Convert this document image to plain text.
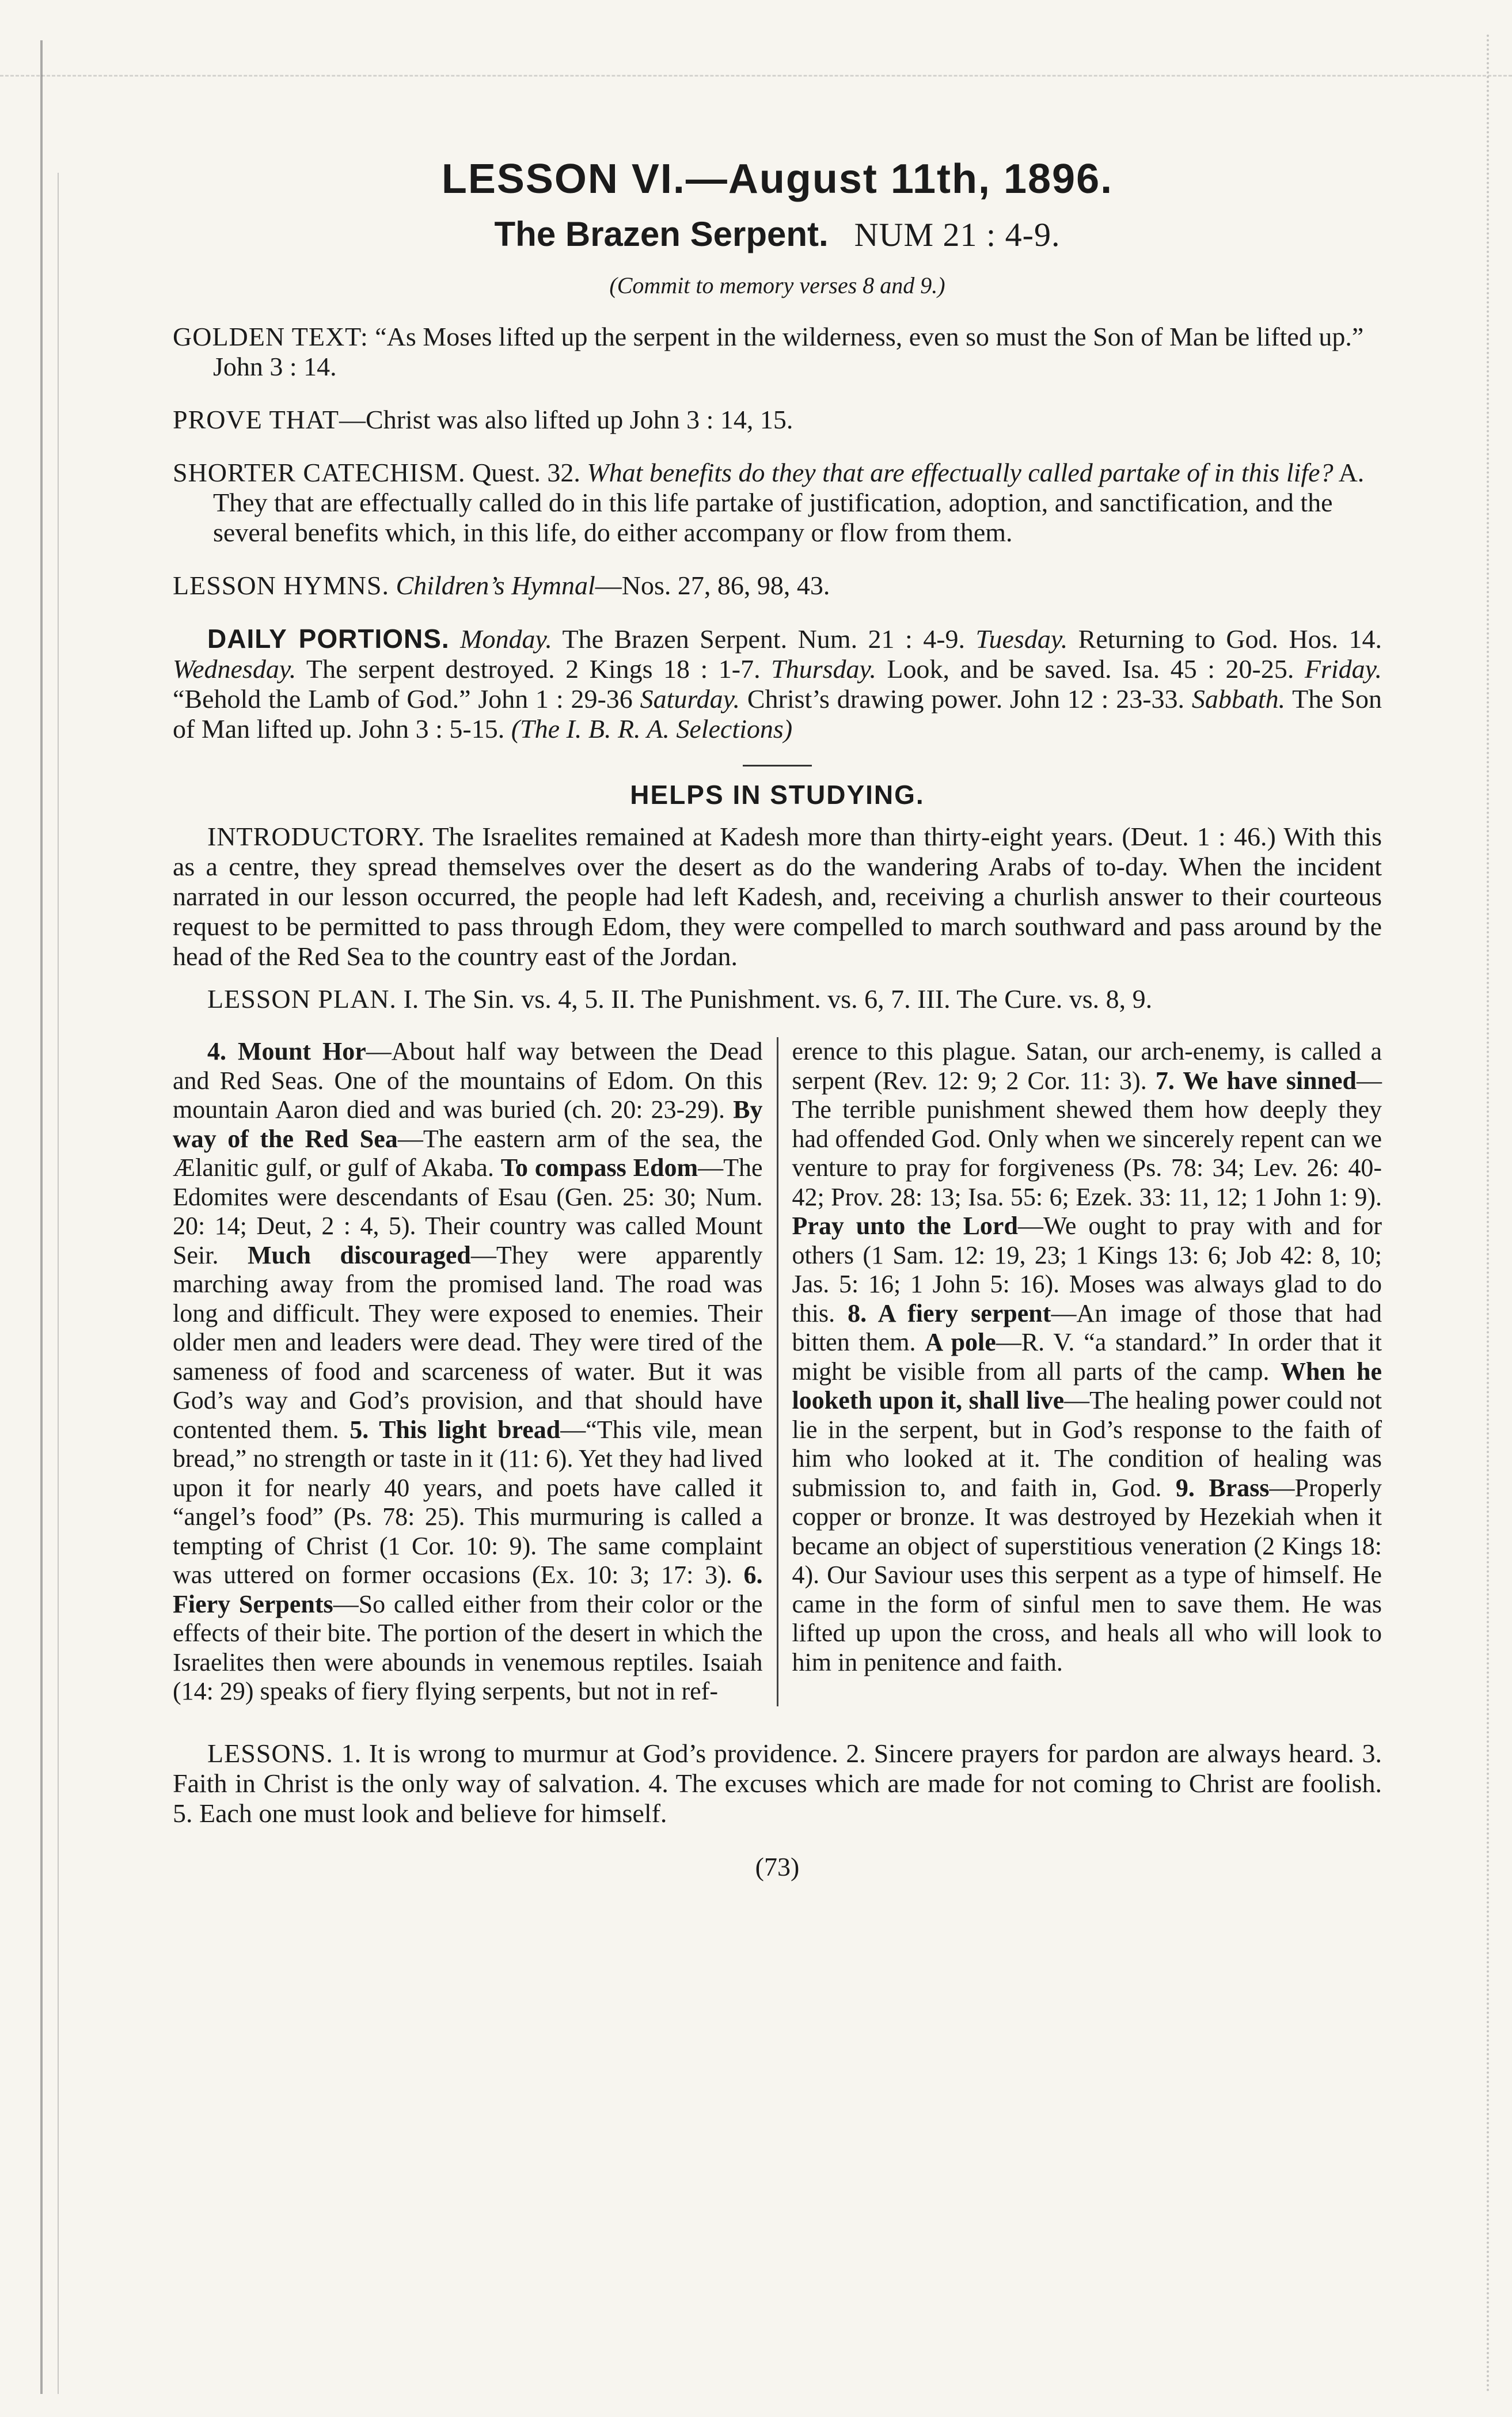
LESSON VI.—August 11th, 1896.
The Brazen Serpent. NUM 21 : 4-9.
(Commit to memory verses 8 and 9.)

GOLDEN TEXT: “As Moses lifted up the serpent in the wilderness, even so must the Son of Man be lifted up.” John 3 : 14.

PROVE THAT—Christ was also lifted up John 3 : 14, 15.

SHORTER CATECHISM. Quest. 32. What benefits do they that are effectually called partake of in this life? A. They that are effectually called do in this life partake of justification, adoption, and sanctification, and the several benefits which, in this life, do either accompany or flow from them.

LESSON HYMNS. Children’s Hymnal—Nos. 27, 86, 98, 43.

DAILY PORTIONS. Monday. The Brazen Serpent. Num. 21 : 4-9. Tuesday. Returning to God. Hos. 14. Wednesday. The serpent destroyed. 2 Kings 18 : 1-7. Thursday. Look, and be saved. Isa. 45 : 20-25. Friday. “Behold the Lamb of God.” John 1 : 29-36 Saturday. Christ’s drawing power. John 12 : 23-33. Sabbath. The Son of Man lifted up. John 3 : 5-15. (The I. B. R. A. Selections)

HELPS IN STUDYING.

INTRODUCTORY. The Israelites remained at Kadesh more than thirty-eight years. (Deut. 1 : 46.) With this as a centre, they spread themselves over the desert as do the wandering Arabs of to-day. When the incident narrated in our lesson occurred, the people had left Kadesh, and, receiving a churlish answer to their courteous request to be permitted to pass through Edom, they were compelled to march southward and pass around by the head of the Red Sea to the country east of the Jordan.

LESSON PLAN. I. The Sin. vs. 4, 5. II. The Punishment. vs. 6, 7. III. The Cure. vs. 8, 9.

4. Mount Hor—About half way between the Dead and Red Seas. One of the mountains of Edom. On this mountain Aaron died and was buried (ch. 20: 23-29). By way of the Red Sea—The eastern arm of the sea, the Ælanitic gulf, or gulf of Akaba. To compass Edom—The Edomites were descendants of Esau (Gen. 25: 30; Num. 20: 14; Deut, 2 : 4, 5). Their country was called Mount Seir. Much discouraged—They were apparently marching away from the promised land. The road was long and difficult. They were exposed to enemies. Their older men and leaders were dead. They were tired of the sameness of food and scarceness of water. But it was God’s way and God’s provision, and that should have contented them. 5. This light bread—“This vile, mean bread,” no strength or taste in it (11: 6). Yet they had lived upon it for nearly 40 years, and poets have called it “angel’s food” (Ps. 78: 25). This murmuring is called a tempting of Christ (1 Cor. 10: 9). The same complaint was uttered on former occasions (Ex. 10: 3; 17: 3). 6. Fiery Serpents—So called either from their color or the effects of their bite. The portion of the desert in which the Israelites then were abounds in venemous reptiles. Isaiah (14: 29) speaks of fiery flying serpents, but not in ref-
erence to this plague. Satan, our arch-enemy, is called a serpent (Rev. 12: 9; 2 Cor. 11: 3). 7. We have sinned—The terrible punishment shewed them how deeply they had offended God. Only when we sincerely repent can we venture to pray for forgiveness (Ps. 78: 34; Lev. 26: 40-42; Prov. 28: 13; Isa. 55: 6; Ezek. 33: 11, 12; 1 John 1: 9). Pray unto the Lord—We ought to pray with and for others (1 Sam. 12: 19, 23; 1 Kings 13: 6; Job 42: 8, 10; Jas. 5: 16; 1 John 5: 16). Moses was always glad to do this. 8. A fiery serpent—An image of those that had bitten them. A pole—R. V. “a standard.” In order that it might be visible from all parts of the camp. When he looketh upon it, shall live—The healing power could not lie in the serpent, but in God’s response to the faith of him who looked at it. The condition of healing was submission to, and faith in, God. 9. Brass—Properly copper or bronze. It was destroyed by Hezekiah when it became an object of superstitious veneration (2 Kings 18: 4). Our Saviour uses this serpent as a type of himself. He came in the form of sinful men to save them. He was lifted up upon the cross, and heals all who will look to him in penitence and faith.

LESSONS. 1. It is wrong to murmur at God’s providence. 2. Sincere prayers for pardon are always heard. 3. Faith in Christ is the only way of salvation. 4. The excuses which are made for not coming to Christ are foolish. 5. Each one must look and believe for himself.

(73)
